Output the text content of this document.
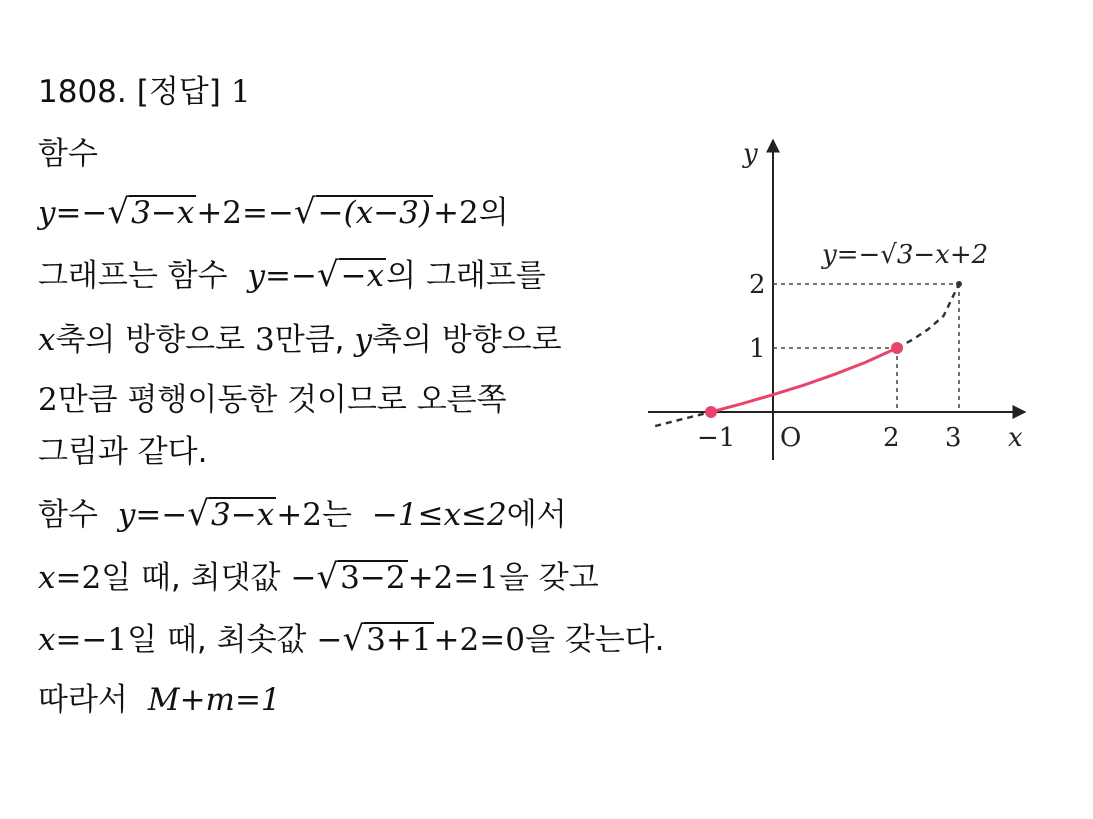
1808. [정답] 1
함수
y =− √ 3−x +2=− √ −(x−3) +2 의
그래프는 함수 y =− √ −x 의 그래프를
x 축의 방향으로 3 만큼, y 축의 방향으로
2 만큼 평행이동한 것이므로 오른쪽
그림과 같다.
함수 y =− √ 3−x +2 는 −1≤x≤2 에서
x =2 일 때, 최댓값 − √ 3−2 +2=1 을 갖고
x =−1 일 때, 최솟값 − √ 3+1 +2=0 을 갖는다.
따라서 M+m=1
x
y
O
y=−√3−x+2
−1	2 3
1
2
